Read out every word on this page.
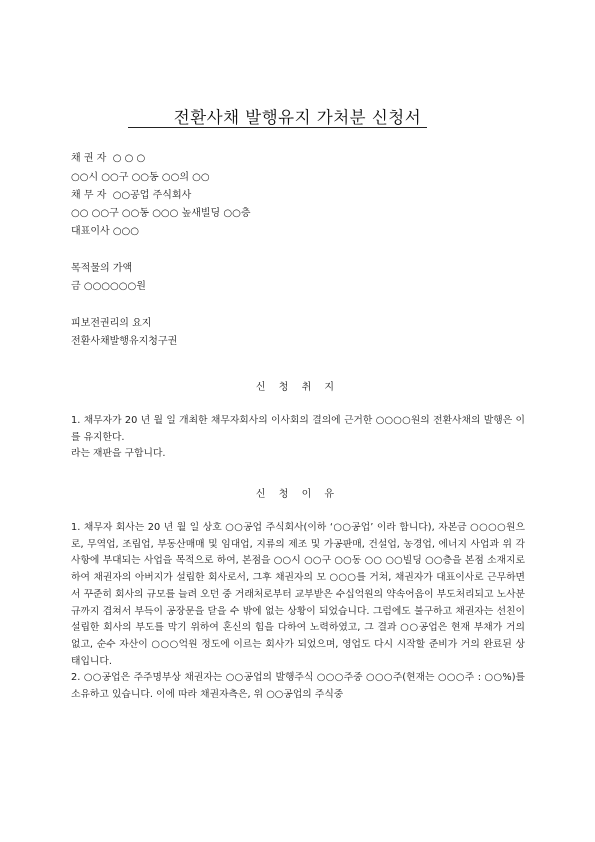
전환사채 발행유지 가처분 신청서
채 권 자  ○ ○ ○
○○시 ○○구 ○○동 ○○의 ○○
채 무 자  ○○공업 주식회사
○○ ○○구 ○○동 ○○○ 높새빌딩 ○○층
대표이사 ○○○
목적물의 가액
금 ○○○○○○원
피보전권리의 요지
전환사채발행유지청구권
신 청 취 지

1. 채무자가 20 년 월 일 개최한 채무자회사의 이사회의 결의에 근거한 ○○○○원의 전환사채의 발행은 이를 유지한다.

라는 재판을 구합니다.

신 청 이 유

1. 채무자 회사는 20 년 월 일 상호 ○○공업 주식회사(이하 ‘○○공업’ 이라 합니다), 자본금 ○○○○원으로, 무역업, 조립업, 부동산매매 및 임대업, 지류의 제조 및 가공판매, 건설업, 농경업, 에너지 사업과 위 각 사항에 부대되는 사업을 목적으로 하여, 본점을 ○○시 ○○구 ○○동 ○○ ○○빌딩 ○○층을 본점 소재지로 하여 채권자의 아버지가 설립한 회사로서, 그후 채권자의 모 ○○○를 거쳐, 채권자가 대표이사로 근무하면서 꾸준히 회사의 규모를 늘려 오던 중 거래처로부터 교부받은 수십억원의 약속어음이 부도처리되고 노사분규까지 겹쳐서 부득이 공장문을 닫을 수 밖에 없는 상황이 되었습니다. 그럼에도 불구하고 채권자는 선친이 설립한 회사의 부도를 막기 위하여 혼신의 힘을 다하여 노력하였고, 그 결과 ○○공업은 현재 부채가 거의 없고, 순수 자산이 ○○○억원 정도에 이르는 회사가 되었으며, 영업도 다시 시작할 준비가 거의 완료된 상태입니다.

2. ○○공업은 주주명부상 채권자는 ○○공업의 발행주식 ○○○주중 ○○○주(현재는 ○○○주 : ○○%)를 소유하고 있습니다. 이에 따라 채권자측은, 위 ○○공업의 주식중
